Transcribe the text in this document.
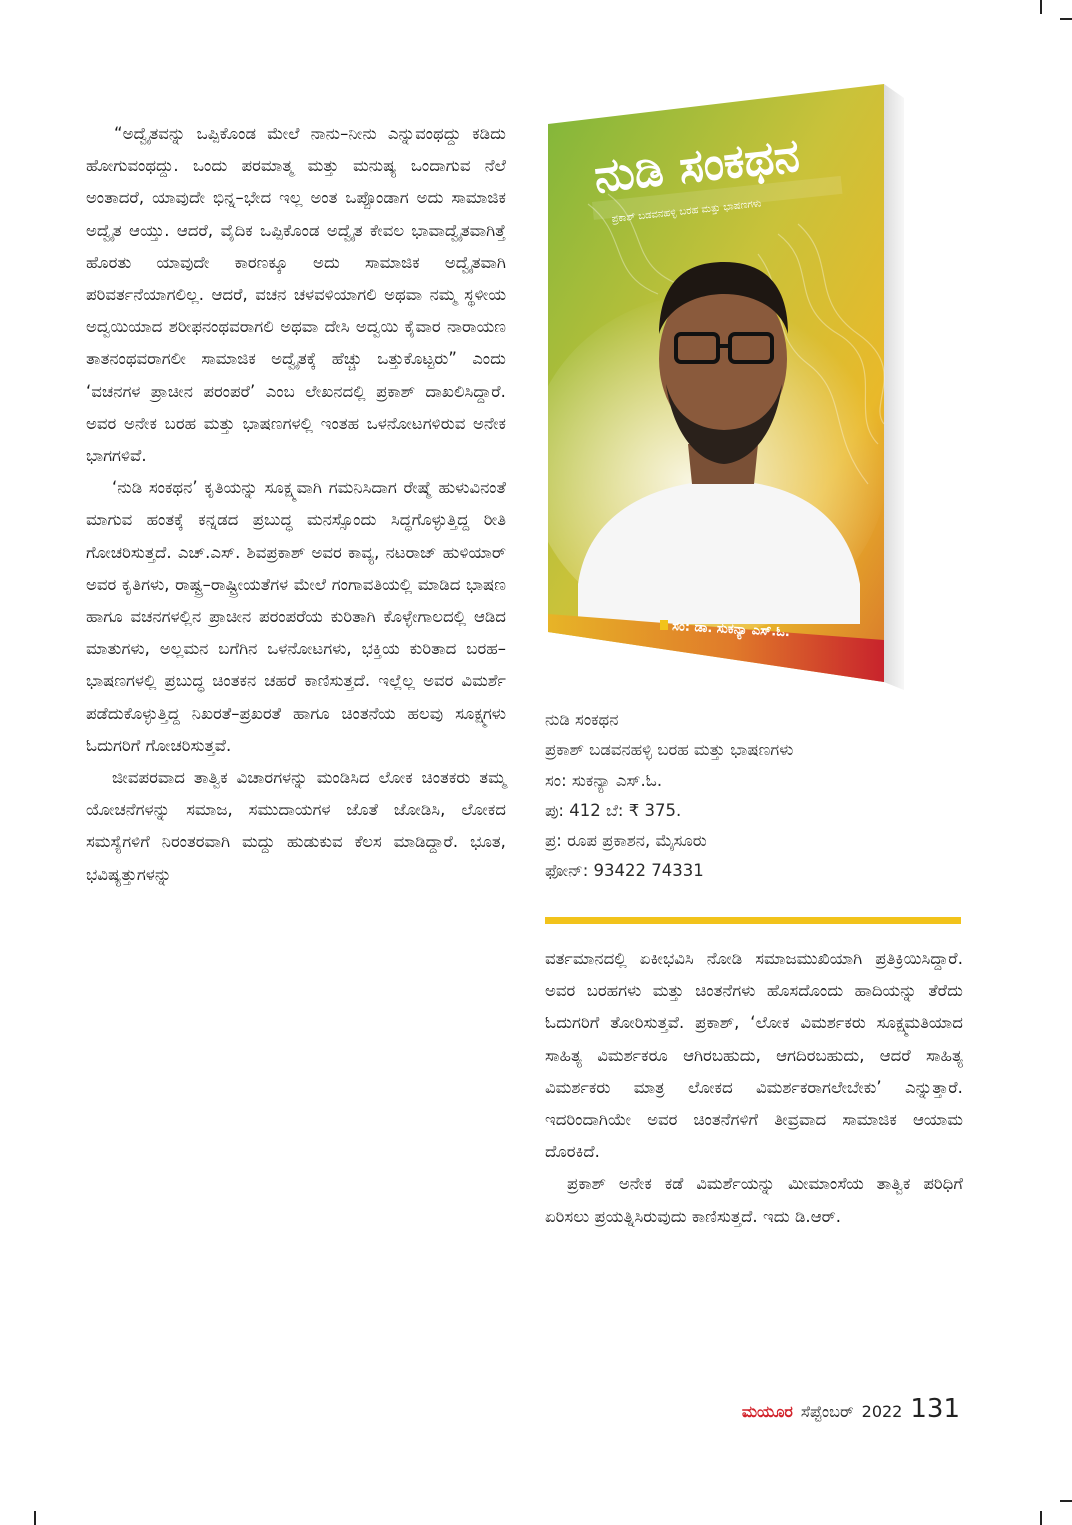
“ಅದ್ವೈತವನ್ನು ಒಪ್ಪಿಕೊಂಡ ಮೇಲೆ ನಾನು–ನೀನು ಎನ್ನುವಂಥದ್ದು ಕಡಿದು ಹೋಗುವಂಥದ್ದು. ಒಂದು ಪರಮಾತ್ಮ ಮತ್ತು ಮನುಷ್ಯ ಒಂದಾಗುವ ನೆಲೆ ಅಂತಾದರೆ, ಯಾವುದೇ ಭಿನ್ನ–ಭೇದ ಇಲ್ಲ ಅಂತ ಒಪ್ಪೊಂಡಾಗ ಅದು ಸಾಮಾಜಿಕ ಅದ್ವೈತ ಆಯ್ತು. ಆದರೆ, ವೈದಿಕ ಒಪ್ಪಿಕೊಂಡ ಅದ್ವೈತ ಕೇವಲ ಭಾವಾದ್ವೈತವಾಗಿತ್ತೆ ಹೊರತು ಯಾವುದೇ ಕಾರಣಕ್ಕೂ ಅದು ಸಾಮಾಜಿಕ ಅದ್ವೈತವಾಗಿ ಪರಿವರ್ತನೆಯಾಗಲಿಲ್ಲ. ಆದರೆ, ವಚನ ಚಳವಳಿಯಾಗಲಿ ಅಥವಾ ನಮ್ಮ ಸ್ಥಳೀಯ ಅದ್ವಯಿಯಾದ ಶರೀಫನಂಥವರಾಗಲಿ ಅಥವಾ ದೇಸಿ ಅದ್ವಯಿ ಕೈವಾರ ನಾರಾಯಣ ತಾತನಂಥವರಾಗಲೀ ಸಾಮಾಜಿಕ ಅದ್ವೈತಕ್ಕೆ ಹೆಚ್ಚು ಒತ್ತುಕೊಟ್ಟರು” ಎಂದು ‘ವಚನಗಳ ಪ್ರಾಚೀನ ಪರಂಪರೆ’ ಎಂಬ ಲೇಖನದಲ್ಲಿ ಪ್ರಕಾಶ್ ದಾಖಲಿಸಿದ್ದಾರೆ. ಅವರ ಅನೇಕ ಬರಹ ಮತ್ತು ಭಾಷಣಗಳಲ್ಲಿ ಇಂತಹ ಒಳನೋಟಗಳಿರುವ ಅನೇಕ ಭಾಗಗಳಿವೆ.

‘ನುಡಿ ಸಂಕಥನ’ ಕೃತಿಯನ್ನು ಸೂಕ್ಷ್ಮವಾಗಿ ಗಮನಿಸಿದಾಗ ರೇಷ್ಮೆ ಹುಳುವಿನಂತೆ ಮಾಗುವ ಹಂತಕ್ಕೆ ಕನ್ನಡದ ಪ್ರಬುದ್ಧ ಮನಸ್ಸೊಂದು ಸಿದ್ಧಗೊಳ್ಳುತ್ತಿದ್ದ ರೀತಿ ಗೋಚರಿಸುತ್ತದೆ. ಎಚ್.ಎಸ್. ಶಿವಪ್ರಕಾಶ್ ಅವರ ಕಾವ್ಯ, ನಟರಾಜ್ ಹುಳಿಯಾರ್ ಅವರ ಕೃತಿಗಳು, ರಾಷ್ಟ್ರ–ರಾಷ್ಟ್ರೀಯತೆಗಳ ಮೇಲೆ ಗಂಗಾವತಿಯಲ್ಲಿ ಮಾಡಿದ ಭಾಷಣ ಹಾಗೂ ವಚನಗಳಲ್ಲಿನ ಪ್ರಾಚೀನ ಪರಂಪರೆಯ ಕುರಿತಾಗಿ ಕೊಳ್ಳೇಗಾಲದಲ್ಲಿ ಆಡಿದ ಮಾತುಗಳು, ಅಲ್ಲಮನ ಬಗೆಗಿನ ಒಳನೋಟಗಳು, ಭಕ್ತಿಯ ಕುರಿತಾದ ಬರಹ–ಭಾಷಣಗಳಲ್ಲಿ ಪ್ರಬುದ್ಧ ಚಿಂತಕನ ಚಹರೆ ಕಾಣಿಸುತ್ತದೆ. ಇಲ್ಲೆಲ್ಲ ಅವರ ವಿಮರ್ಶೆ ಪಡೆದುಕೊಳ್ಳುತ್ತಿದ್ದ ನಿಖರತೆ–ಪ್ರಖರತೆ ಹಾಗೂ ಚಿಂತನೆಯ ಹಲವು ಸೂಕ್ಷ್ಮಗಳು ಓದುಗರಿಗೆ ಗೋಚರಿಸುತ್ತವೆ.

ಜೀವಪರವಾದ ತಾತ್ವಿಕ ವಿಚಾರಗಳನ್ನು ಮಂಡಿಸಿದ ಲೋಕ ಚಿಂತಕರು ತಮ್ಮ ಯೋಚನೆಗಳನ್ನು ಸಮಾಜ, ಸಮುದಾಯಗಳ ಜೊತೆ ಜೋಡಿಸಿ, ಲೋಕದ ಸಮಸ್ಯೆಗಳಿಗೆ ನಿರಂತರವಾಗಿ ಮದ್ದು ಹುಡುಕುವ ಕೆಲಸ ಮಾಡಿದ್ದಾರೆ. ಭೂತ, ಭವಿಷ್ಯತ್ತುಗಳನ್ನು

ನುಡಿ ಸಂಕಥನ
ಪ್ರಕಾಶ್ ಬಡವನಹಳ್ಳಿ ಬರಹ ಮತ್ತು ಭಾಷಣಗಳು
ಸಂ: ಡಾ. ಸುಕನ್ಯಾ ಎಸ್.ಓ.
ನುಡಿ ಸಂಕಥನ
ಪ್ರಕಾಶ್ ಬಡವನಹಳ್ಳಿ ಬರಹ ಮತ್ತು ಭಾಷಣಗಳು
ಸಂ: ಸುಕನ್ಯಾ ಎಸ್.ಓ.
ಪು: 412 ಬೆ: ₹ 375.
ಪ್ರ: ರೂಪ ಪ್ರಕಾಶನ, ಮೈಸೂರು
ಫೋನ್: 93422 74331

ವರ್ತಮಾನದಲ್ಲಿ ಏಕೀಭವಿಸಿ ನೋಡಿ ಸಮಾಜಮುಖಿಯಾಗಿ ಪ್ರತಿಕ್ರಿಯಿಸಿದ್ದಾರೆ. ಅವರ ಬರಹಗಳು ಮತ್ತು ಚಿಂತನೆಗಳು ಹೊಸದೊಂದು ಹಾದಿಯನ್ನು ತೆರೆದು ಓದುಗರಿಗೆ ತೋರಿಸುತ್ತವೆ. ಪ್ರಕಾಶ್, ‘ಲೋಕ ವಿಮರ್ಶಕರು ಸೂಕ್ಷ್ಮಮತಿಯಾದ ಸಾಹಿತ್ಯ ವಿಮರ್ಶಕರೂ ಆಗಿರಬಹುದು, ಆಗದಿರಬಹುದು, ಆದರೆ ಸಾಹಿತ್ಯ ವಿಮರ್ಶಕರು ಮಾತ್ರ ಲೋಕದ ವಿಮರ್ಶಕರಾಗಲೇಬೇಕು’ ಎನ್ನುತ್ತಾರೆ. ಇದರಿಂದಾಗಿಯೇ ಅವರ ಚಿಂತನೆಗಳಿಗೆ ತೀವ್ರವಾದ ಸಾಮಾಜಿಕ ಆಯಾಮ ದೊರಕಿದೆ.

ಪ್ರಕಾಶ್ ಅನೇಕ ಕಡೆ ವಿಮರ್ಶೆಯನ್ನು ಮೀಮಾಂಸೆಯ ತಾತ್ವಿಕ ಪರಿಧಿಗೆ ಏರಿಸಲು ಪ್ರಯತ್ನಿಸಿರುವುದು ಕಾಣಿಸುತ್ತದೆ. ಇದು ಡಿ.ಆರ್.

ಮಯೂರ ಸೆಪ್ಟೆಂಬರ್ 2022 131
